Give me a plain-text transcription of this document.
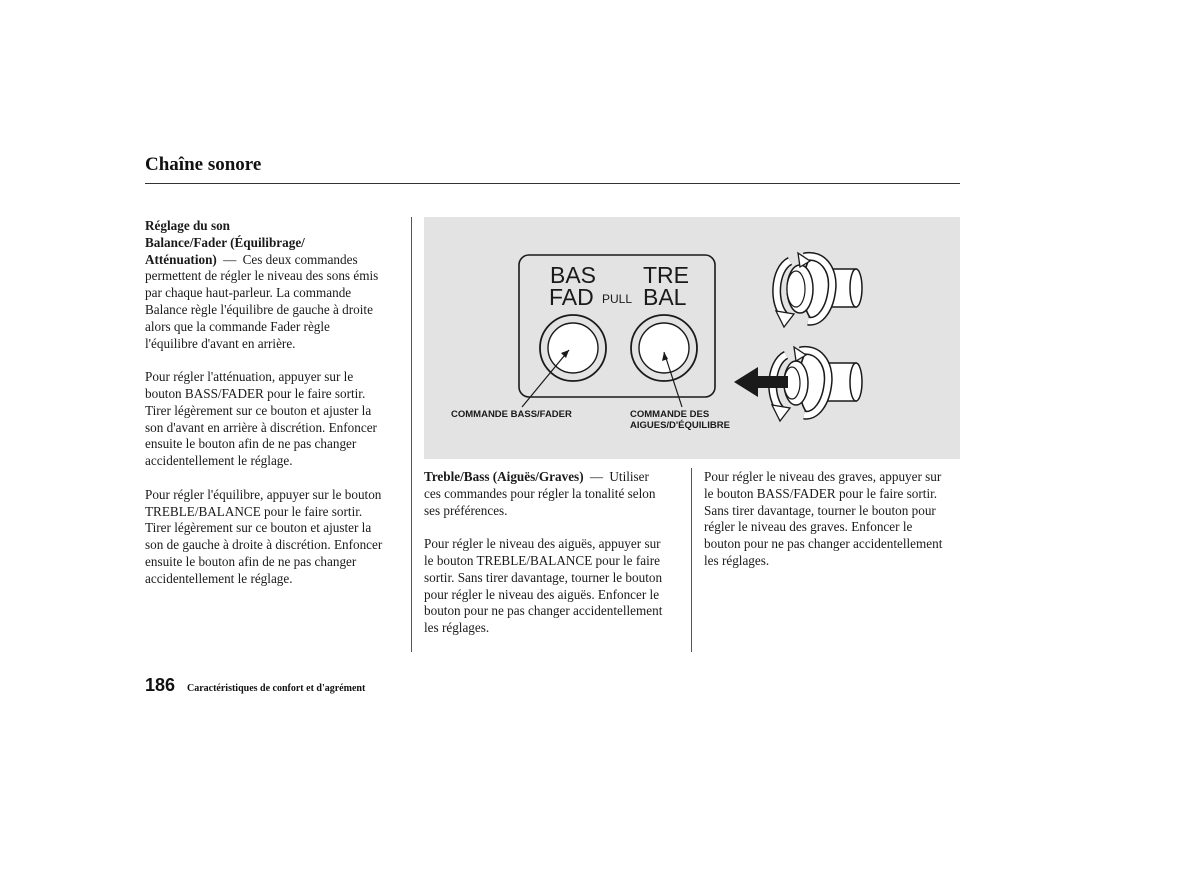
Chaîne sonore
Réglage du son
Balance/Fader (Équilibrage/
Atténuation) — Ces deux commandes
permettent de régler le niveau des sons émis
par chaque haut-parleur. La commande
Balance règle l'équilibre de gauche à droite
alors que la commande Fader règle
l'équilibre d'avant en arrière.
Pour régler l'atténuation, appuyer sur le
bouton BASS/FADER pour le faire sortir.
Tirer légèrement sur ce bouton et ajuster la
son d'avant en arrière à discrétion. Enfoncer
ensuite le bouton afin de ne pas changer
accidentellement le réglage.
Pour régler l'équilibre, appuyer sur le bouton
TREBLE/BALANCE pour le faire sortir.
Tirer légèrement sur ce bouton et ajuster la
son de gauche à droite à discrétion. Enfoncer
ensuite le bouton afin de ne pas changer
accidentellement le réglage.
BAS
FAD PULL
TRE
BAL
COMMANDE BASS/FADER	COMMANDE DES
AIGUES/D'ÉQUILIBRE
Treble/Bass (Aiguës/Graves) — Utiliser
ces commandes pour régler la tonalité selon
ses préférences.
Pour régler le niveau des aiguës, appuyer sur
le bouton TREBLE/BALANCE pour le faire
sortir. Sans tirer davantage, tourner le bouton
pour régler le niveau des aiguës. Enfoncer le
bouton pour ne pas changer accidentellement
les réglages.
Pour régler le niveau des graves, appuyer sur
le bouton BASS/FADER pour le faire sortir.
Sans tirer davantage, tourner le bouton pour
régler le niveau des graves. Enfoncer le
bouton pour ne pas changer accidentellement
les réglages.
186 Caractéristiques de confort et d'agrément
